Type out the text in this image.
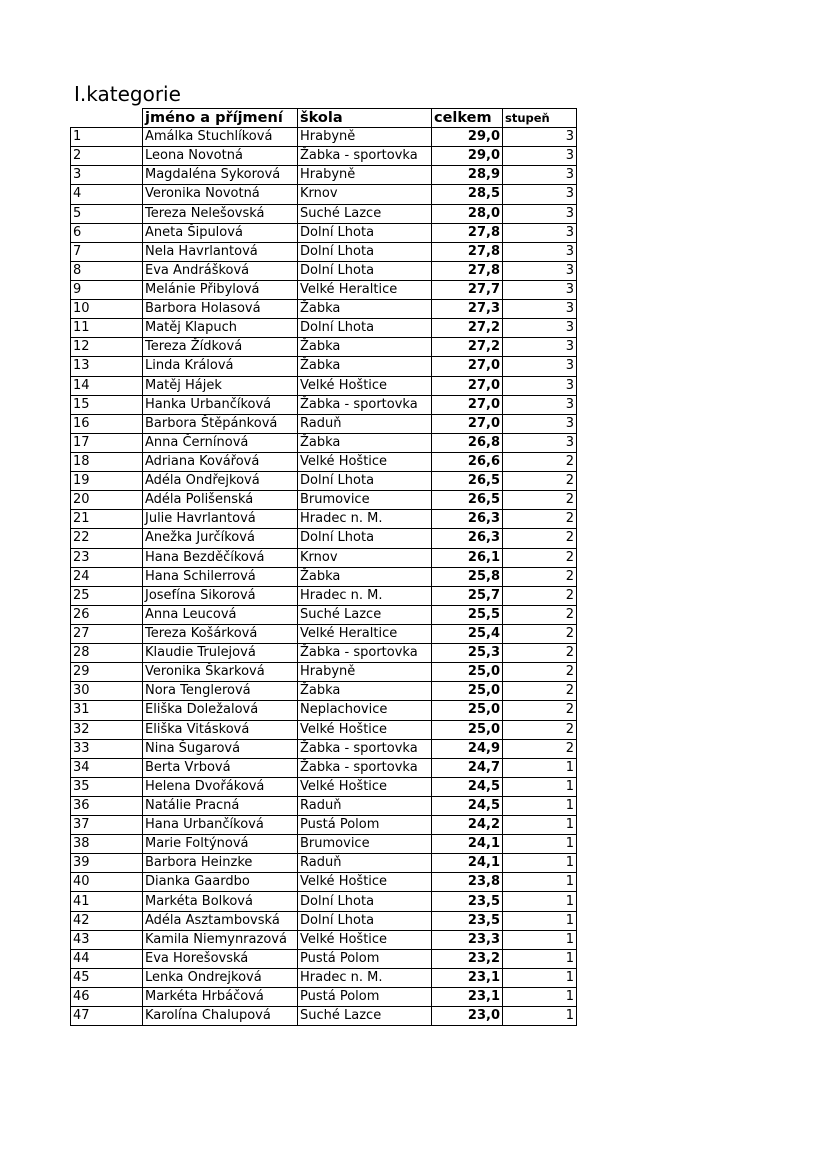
I.kategorie
	jméno a příjmení	škola	celkem	stupeň
1	Amálka Stuchlíková	Hrabyně	29,0	3
2	Leona Novotná	Žabka - sportovka	29,0	3
3	Magdaléna Sykorová	Hrabyně	28,9	3
4	Veronika Novotná	Krnov	28,5	3
5	Tereza Nelešovská	Suché Lazce	28,0	3
6	Aneta Šipulová	Dolní Lhota	27,8	3
7	Nela Havrlantová	Dolní Lhota	27,8	3
8	Eva Andrášková	Dolní Lhota	27,8	3
9	Melánie Přibylová	Velké Heraltice	27,7	3
10	Barbora Holasová	Žabka	27,3	3
11	Matěj Klapuch	Dolní Lhota	27,2	3
12	Tereza Žídková	Žabka	27,2	3
13	Linda Králová	Žabka	27,0	3
14	Matěj Hájek	Velké Hoštice	27,0	3
15	Hanka Urbančíková	Žabka - sportovka	27,0	3
16	Barbora Štěpánková	Raduň	27,0	3
17	Anna Černínová	Žabka	26,8	3
18	Adriana Kovářová	Velké Hoštice	26,6	2
19	Adéla Ondřejková	Dolní Lhota	26,5	2
20	Adéla Polišenská	Brumovice	26,5	2
21	Julie Havrlantová	Hradec n. M.	26,3	2
22	Anežka Jurčíková	Dolní Lhota	26,3	2
23	Hana Bezděčíková	Krnov	26,1	2
24	Hana Schilerrová	Žabka	25,8	2
25	Josefína Sikorová	Hradec n. M.	25,7	2
26	Anna Leucová	Suché Lazce	25,5	2
27	Tereza Košárková	Velké Heraltice	25,4	2
28	Klaudie Trulejová	Žabka - sportovka	25,3	2
29	Veronika Škarková	Hrabyně	25,0	2
30	Nora Tenglerová	Žabka	25,0	2
31	Eliška Doležalová	Neplachovice	25,0	2
32	Eliška Vitásková	Velké Hoštice	25,0	2
33	Nina Šugarová	Žabka - sportovka	24,9	2
34	Berta Vrbová	Žabka - sportovka	24,7	1
35	Helena Dvořáková	Velké Hoštice	24,5	1
36	Natálie Pracná	Raduň	24,5	1
37	Hana Urbančíková	Pustá Polom	24,2	1
38	Marie Foltýnová	Brumovice	24,1	1
39	Barbora Heinzke	Raduň	24,1	1
40	Dianka Gaardbo	Velké Hoštice	23,8	1
41	Markéta Bolková	Dolní Lhota	23,5	1
42	Adéla Asztambovská	Dolní Lhota	23,5	1
43	Kamila Niemynrazová	Velké Hoštice	23,3	1
44	Eva Horešovská	Pustá Polom	23,2	1
45	Lenka Ondrejková	Hradec n. M.	23,1	1
46	Markéta Hrbáčová	Pustá Polom	23,1	1
47	Karolína Chalupová	Suché Lazce	23,0	1
